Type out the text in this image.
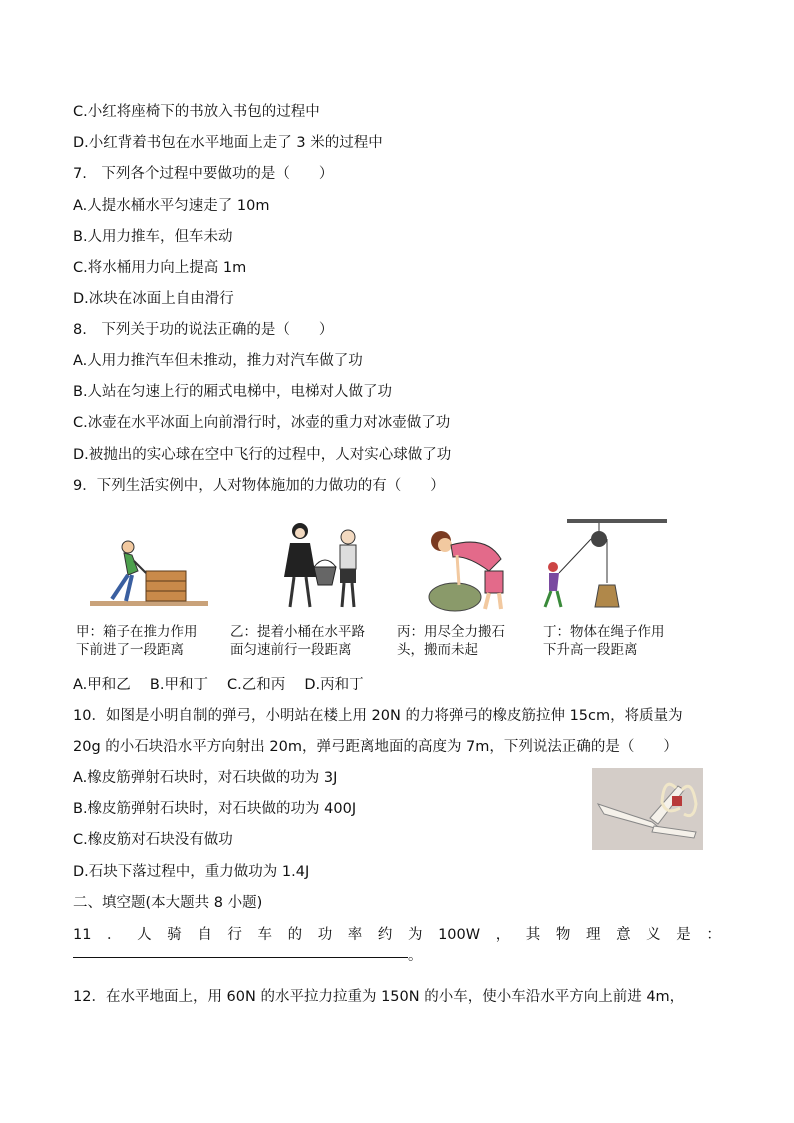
C.小红将座椅下的书放入书包的过程中
D.小红背着书包在水平地面上走了 3 米的过程中
7.　下列各个过程中要做功的是（　　）
A.人提水桶水平匀速走了 10m
B.人用力推车，但车未动
C.将水桶用力向上提高 1m
D.冰块在冰面上自由滑行
8.　下列关于功的说法正确的是（　　）
A.人用力推汽车但未推动，推力对汽车做了功
B.人站在匀速上行的厢式电梯中，电梯对人做了功
C.冰壶在水平冰面上向前滑行时，冰壶的重力对冰壶做了功
D.被抛出的实心球在空中飞行的过程中，人对实心球做了功
9．下列生活实例中，人对物体施加的力做功的有（　　）
甲：箱子在推力作用
下前进了一段距离
乙：提着小桶在水平路
面匀速前行一段距离
丙：用尽全力搬石
头，搬而未起
丁：物体在绳子作用
下升高一段距离
A.甲和乙　 B.甲和丁　 C.乙和丙　 D.丙和丁
10．如图是小明自制的弹弓，小明站在楼上用 20N 的力将弹弓的橡皮筋拉伸 15cm，将质量为
20g 的小石块沿水平方向射出 20m，弹弓距离地面的高度为 7m，下列说法正确的是（　　）
A.橡皮筋弹射石块时，对石块做的功为 3J
B.橡皮筋弹射石块时，对石块做的功为 400J
C.橡皮筋对石块没有做功
D.石块下落过程中，重力做功为 1.4J
二、填空题(本大题共 8 小题)
11 ． 人 骑 自 行 车 的 功 率 约 为 100W ， 其 物 理 意 义 是 ：
。
12．在水平地面上，用 60N 的水平拉力拉重为 150N 的小车，使小车沿水平方向上前进 4m，
